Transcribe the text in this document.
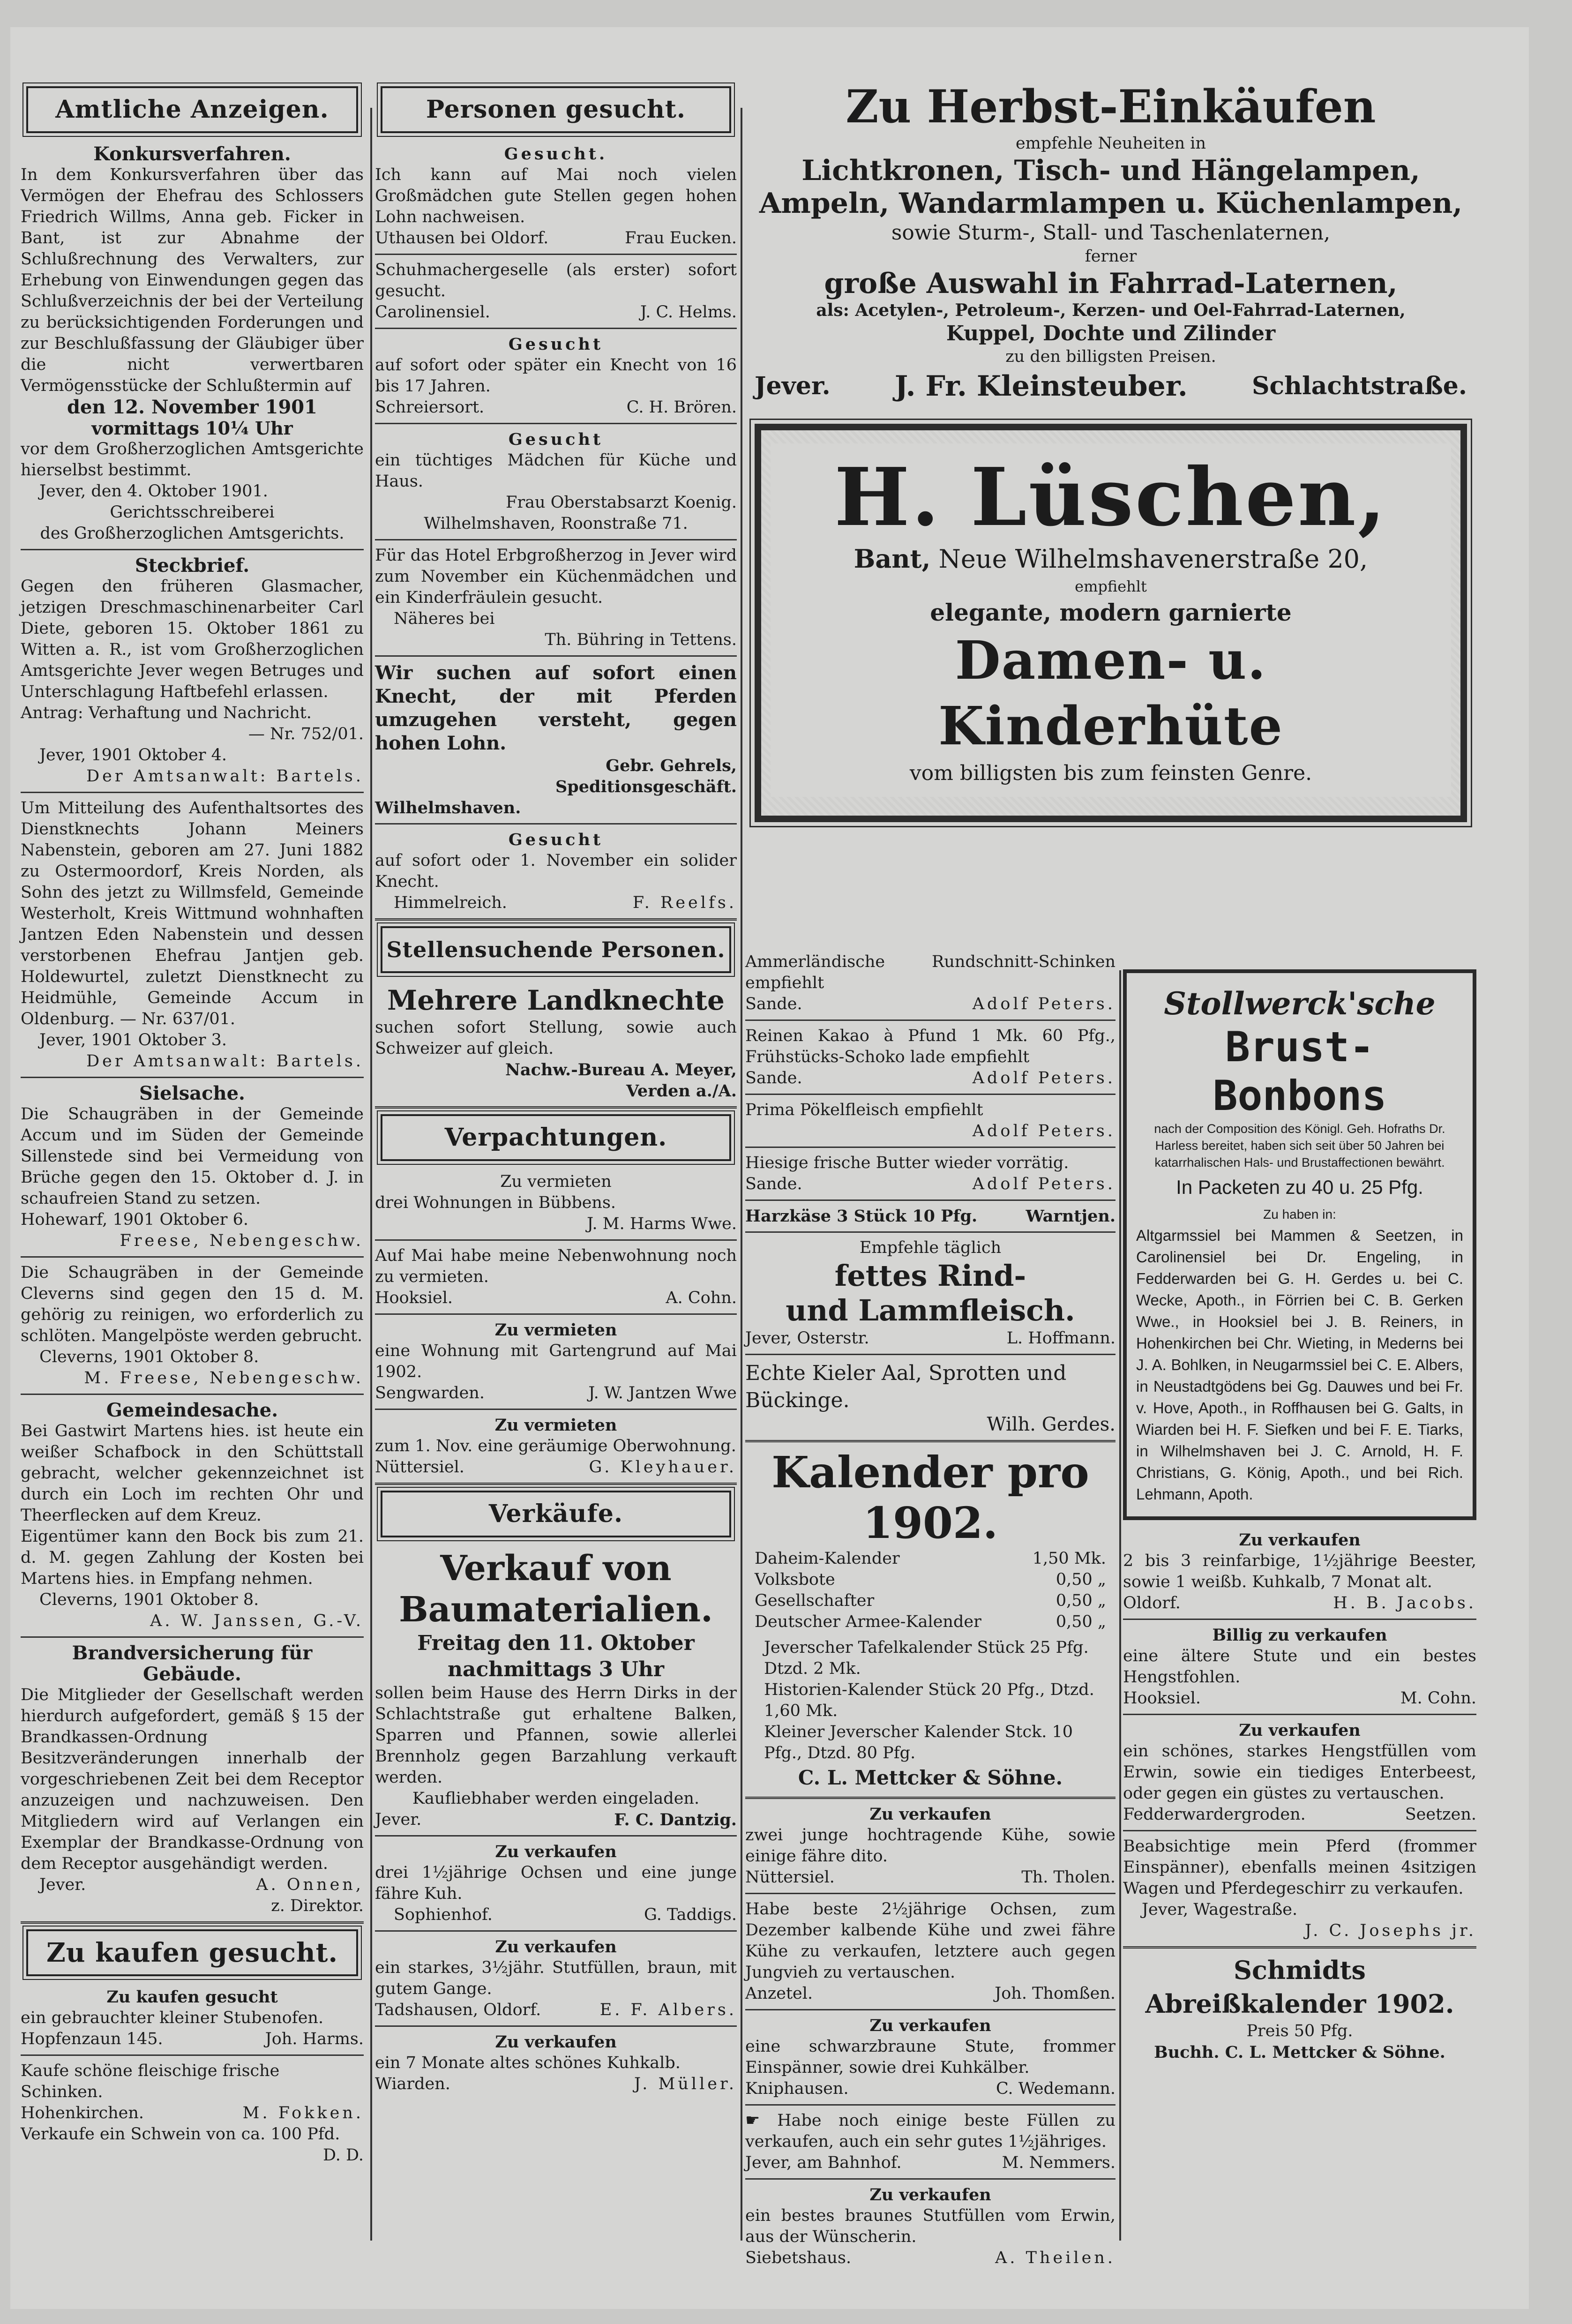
Amtliche Anzeigen.
Konkursverfahren.
In dem Konkursverfahren über das Vermögen der Ehefrau des Schlossers Friedrich Willms, Anna geb. Ficker in Bant, ist zur Abnahme der Schlußrechnung des Verwalters, zur Erhebung von Einwendungen gegen das Schlußverzeichnis der bei der Verteilung zu berücksichtigenden Forderungen und zur Beschlußfassung der Gläubiger über die nicht verwertbaren Vermögensstücke der Schlußtermin auf
den 12. November 1901
vormittags 10¼ Uhr
vor dem Großherzoglichen Amtsgerichte hierselbst bestimmt.
Jever, den 4. Oktober 1901.
Gerichtsschreiberei
des Großherzoglichen Amtsgerichts.
Steckbrief.
Gegen den früheren Glasmacher, jetzigen Dreschmaschinenarbeiter Carl Diete, geboren 15. Oktober 1861 zu Witten a. R., ist vom Großherzoglichen Amtsgerichte Jever wegen Betruges und Unterschlagung Haftbefehl erlassen.
Antrag: Verhaftung und Nachricht.
— Nr. 752/01.
Jever, 1901 Oktober 4.
Der Amtsanwalt: Bartels.
Um Mitteilung des Aufenthaltsortes des Dienstknechts Johann Meiners Nabenstein, geboren am 27. Juni 1882 zu Ostermoordorf, Kreis Norden, als Sohn des jetzt zu Willmsfeld, Gemeinde Westerholt, Kreis Wittmund wohnhaften Jantzen Eden Nabenstein und dessen verstorbenen Ehefrau Jantjen geb. Holdewurtel, zuletzt Dienstknecht zu Heidmühle, Gemeinde Accum in Oldenburg. — Nr. 637/01.
Jever, 1901 Oktober 3.
Der Amtsanwalt: Bartels.
Sielsache.
Die Schaugräben in der Gemeinde Accum und im Süden der Gemeinde Sillenstede sind bei Vermeidung von Brüche gegen den 15. Oktober d. J. in schaufreien Stand zu setzen.
Hohewarf, 1901 Oktober 6.
Freese, Nebengeschw.
Die Schaugräben in der Gemeinde Cleverns sind gegen den 15 d. M. gehörig zu reinigen, wo erforderlich zu schlöten. Mangelpöste werden gebrucht.
Cleverns, 1901 Oktober 8.
M. Freese, Nebengeschw.
Gemeindesache.
Bei Gastwirt Martens hies. ist heute ein weißer Schafbock in den Schüttstall gebracht, welcher gekennzeichnet ist durch ein Loch im rechten Ohr und Theerflecken auf dem Kreuz.
Eigentümer kann den Bock bis zum 21. d. M. gegen Zahlung der Kosten bei Martens hies. in Empfang nehmen.
Cleverns, 1901 Oktober 8.
A. W. Janssen, G.-V.
Brandversicherung für Gebäude.
Die Mitglieder der Gesellschaft werden hierdurch aufgefordert, gemäß § 15 der Brandkassen-Ordnung Besitzveränderungen innerhalb der vorgeschriebenen Zeit bei dem Receptor anzuzeigen und nachzuweisen. Den Mitgliedern wird auf Verlangen ein Exemplar der Brandkasse-Ordnung von dem Receptor ausgehändigt werden.
Jever.	A. Onnen,
z. Direktor.
Zu kaufen gesucht.
Zu kaufen gesucht
ein gebrauchter kleiner Stubenofen.
Hopfenzaun 145.	Joh. Harms.
Kaufe schöne fleischige frische Schinken.
Hohenkirchen.	M. Fokken.
Verkaufe ein Schwein von ca. 100 Pfd.
D. D.
Personen gesucht.
Gesucht.
Ich kann auf Mai noch vielen Großmädchen gute Stellen gegen hohen Lohn nachweisen.
Uthausen bei Oldorf.	Frau Eucken.
Schuhmachergeselle (als erster) sofort gesucht.
Carolinensiel.	J. C. Helms.
Gesucht
auf sofort oder später ein Knecht von 16 bis 17 Jahren.
Schreiersort.	C. H. Brören.
Gesucht
ein tüchtiges Mädchen für Küche und Haus.
Frau Oberstabsarzt Koenig.
Wilhelmshaven, Roonstraße 71.
Für das Hotel Erbgroßherzog in Jever wird zum November ein Küchenmädchen und ein Kinderfräulein gesucht.
Näheres bei
Th. Bühring in Tettens.
Wir suchen auf sofort einen Knecht, der mit Pferden umzugehen versteht, gegen hohen Lohn.
Gebr. Gehrels,
Speditionsgeschäft.
Wilhelmshaven.
Gesucht
auf sofort oder 1. November ein solider Knecht.
Himmelreich.	F. Reelfs.
Stellensuchende Personen.
Mehrere Landknechte
suchen sofort Stellung, sowie auch Schweizer auf gleich.
Nachw.-Bureau A. Meyer,
Verden a./A.
Verpachtungen.
Zu vermieten
drei Wohnungen in Bübbens.
J. M. Harms Wwe.
Auf Mai habe meine Nebenwohnung noch zu vermieten.
Hooksiel.	A. Cohn.
Zu vermieten
eine Wohnung mit Gartengrund auf Mai 1902.
Sengwarden.	J. W. Jantzen Wwe
Zu vermieten
zum 1. Nov. eine geräumige Oberwohnung.
Nüttersiel.	G. Kleyhauer.
Verkäufe.
Verkauf von
Baumaterialien.
Freitag den 11. Oktober
nachmittags 3 Uhr
sollen beim Hause des Herrn Dirks in der Schlachtstraße gut erhaltene Balken, Sparren und Pfannen, sowie allerlei Brennholz gegen Barzahlung verkauft werden.
Kaufliebhaber werden eingeladen.
Jever.	F. C. Dantzig.
Zu verkaufen
drei 1½jährige Ochsen und eine junge fähre Kuh.
Sophienhof.	G. Taddigs.
Zu verkaufen
ein starkes, 3½jähr. Stutfüllen, braun, mit gutem Gange.
Tadshausen, Oldorf.	E. F. Albers.
Zu verkaufen
ein 7 Monate altes schönes Kuhkalb.
Wiarden.	J. Müller.
Zu Herbst-Einkäufen
empfehle Neuheiten in
Lichtkronen, Tisch- und Hängelampen,
Ampeln, Wandarmlampen u. Küchenlampen,
sowie Sturm-, Stall- und Taschenlaternen,
ferner
große Auswahl in Fahrrad-Laternen,
als: Acetylen-, Petroleum-, Kerzen- und Oel-Fahrrad-Laternen,
Kuppel, Dochte und Zilinder
zu den billigsten Preisen.
Jever. J. Fr. Kleinsteuber.	Schlachtstraße.
H. Lüschen,
Bant, Neue Wilhelmshavenerstraße 20,
empfiehlt
elegante, modern garnierte
Damen- u. Kinderhüte
vom billigsten bis zum feinsten Genre.
Ammerländische Rundschnitt-Schinken empfiehlt
Sande.	Adolf Peters.
Reinen Kakao à Pfund 1 Mk. 60 Pfg., Frühstücks-Schoko lade empfiehlt
Sande.	Adolf Peters.
Prima Pökelfleisch empfiehlt
Adolf Peters.
Hiesige frische Butter wieder vorrätig.
Sande.	Adolf Peters.
Harzkäse 3 Stück 10 Pfg.	Warntjen.
Empfehle täglich
fettes Rind-
und Lammfleisch.
Jever, Osterstr.	L. Hoffmann.
Echte Kieler Aal, Sprotten und Bückinge.
Wilh. Gerdes.
Kalender pro 1902.
Daheim-Kalender	1,50 Mk.
Volksbote	0,50 „
Gesellschafter	0,50 „
Deutscher Armee-Kalender	0,50 „
Jeverscher Tafelkalender Stück 25 Pfg. Dtzd. 2 Mk.
Historien-Kalender Stück 20 Pfg., Dtzd. 1,60 Mk.
Kleiner Jeverscher Kalender Stck. 10 Pfg., Dtzd. 80 Pfg.
C. L. Mettcker & Söhne.
Zu verkaufen
zwei junge hochtragende Kühe, sowie einige fähre dito.
Nüttersiel.	Th. Tholen.
Habe beste 2½jährige Ochsen, zum Dezember kalbende Kühe und zwei fähre Kühe zu verkaufen, letztere auch gegen Jungvieh zu vertauschen.
Anzetel.	Joh. Thomßen.
Zu verkaufen
eine schwarzbraune Stute, frommer Einspänner, sowie drei Kuhkälber.
Kniphausen.	C. Wedemann.
☛ Habe noch einige beste Füllen zu verkaufen, auch ein sehr gutes 1½jähriges.
Jever, am Bahnhof.	M. Nemmers.
Zu verkaufen
ein bestes braunes Stutfüllen vom Erwin, aus der Wünscherin.
Siebetshaus.	A. Theilen.
Stollwerck'sche
Brust-
Bonbons
nach der Composition des Königl. Geh. Hofraths Dr. Harless bereitet, haben sich seit über 50 Jahren bei katarrhalischen Hals- und Brustaffectionen bewährt.
In Packeten zu 40 u. 25 Pfg.
Zu haben in:
Altgarmssiel bei Mammen & Seetzen, in Carolinensiel bei Dr. Engeling, in Fedderwarden bei G. H. Gerdes u. bei C. Wecke, Apoth., in Förrien bei C. B. Gerken Wwe., in Hooksiel bei J. B. Reiners, in Hohenkirchen bei Chr. Wieting, in Mederns bei J. A. Bohlken, in Neugarmssiel bei C. E. Albers, in Neustadtgödens bei Gg. Dauwes und bei Fr. v. Hove, Apoth., in Roffhausen bei G. Galts, in Wiarden bei H. F. Siefken und bei F. E. Tiarks, in Wilhelmshaven bei J. C. Arnold, H. F. Christians, G. König, Apoth., und bei Rich. Lehmann, Apoth.
Zu verkaufen
2 bis 3 reinfarbige, 1½jährige Beester, sowie 1 weißb. Kuhkalb, 7 Monat alt.
Oldorf.	H. B. Jacobs.
Billig zu verkaufen
eine ältere Stute und ein bestes Hengstfohlen.
Hooksiel.	M. Cohn.
Zu verkaufen
ein schönes, starkes Hengstfüllen vom Erwin, sowie ein tiediges Enterbeest, oder gegen ein güstes zu vertauschen.
Fedderwardergroden.	Seetzen.
Beabsichtige mein Pferd (frommer Einspänner), ebenfalls meinen 4sitzigen Wagen und Pferdegeschirr zu verkaufen.
Jever, Wagestraße.
J. C. Josephs jr.
Schmidts Abreißkalender 1902.
Preis 50 Pfg.
Buchh. C. L. Mettcker & Söhne.
